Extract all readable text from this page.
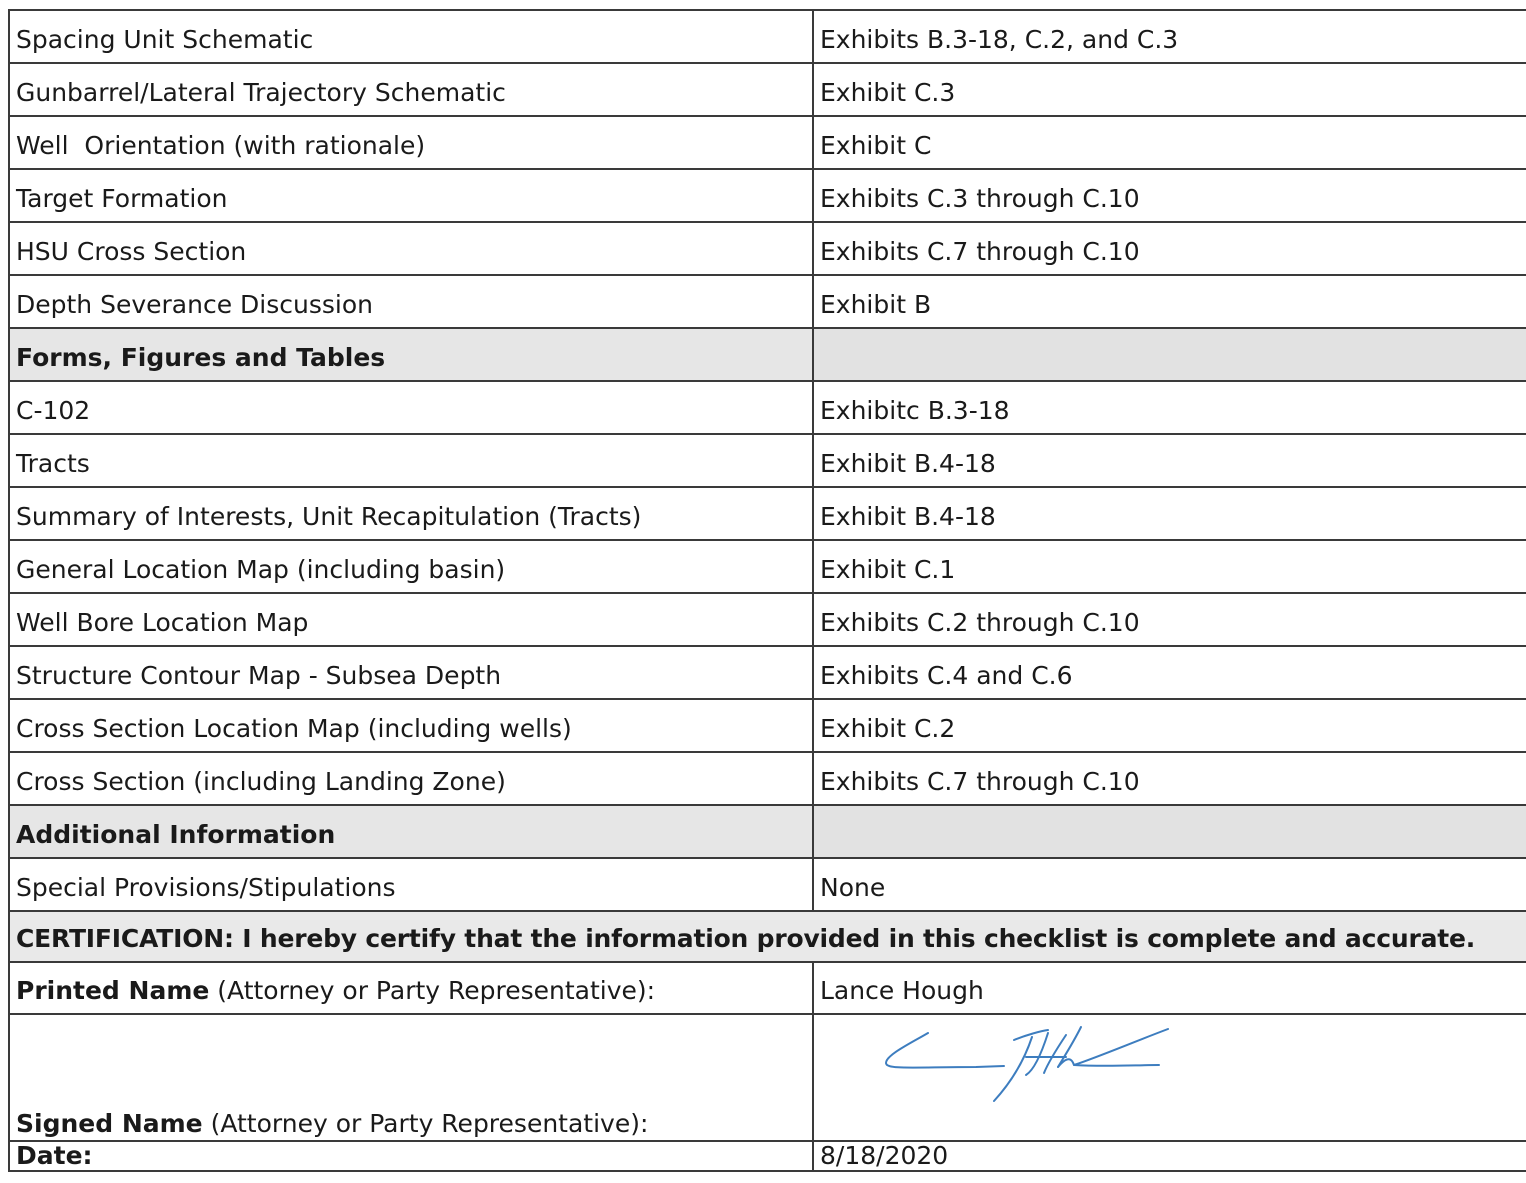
Spacing Unit Schematic	Exhibits B.3-18, C.2, and C.3
Gunbarrel/Lateral Trajectory Schematic	Exhibit C.3
Well  Orientation (with rationale)	Exhibit C
Target Formation	Exhibits C.3 through C.10
HSU Cross Section	Exhibits C.7 through C.10
Depth Severance Discussion	Exhibit B
Forms, Figures and Tables	
C-102	Exhibitc B.3-18
Tracts	Exhibit B.4-18
Summary of Interests, Unit Recapitulation (Tracts)	Exhibit B.4-18
General Location Map (including basin)	Exhibit C.1
Well Bore Location Map	Exhibits C.2 through C.10
Structure Contour Map - Subsea Depth	Exhibits C.4 and C.6
Cross Section Location Map (including wells)	Exhibit C.2
Cross Section (including Landing Zone)	Exhibits C.7 through C.10
Additional Information	
Special Provisions/Stipulations	None
CERTIFICATION: I hereby certify that the information provided in this checklist is complete and accurate.	
Printed Name (Attorney or Party Representative):	Lance Hough
Signed Name (Attorney or Party Representative):	

Date:	8/18/2020
